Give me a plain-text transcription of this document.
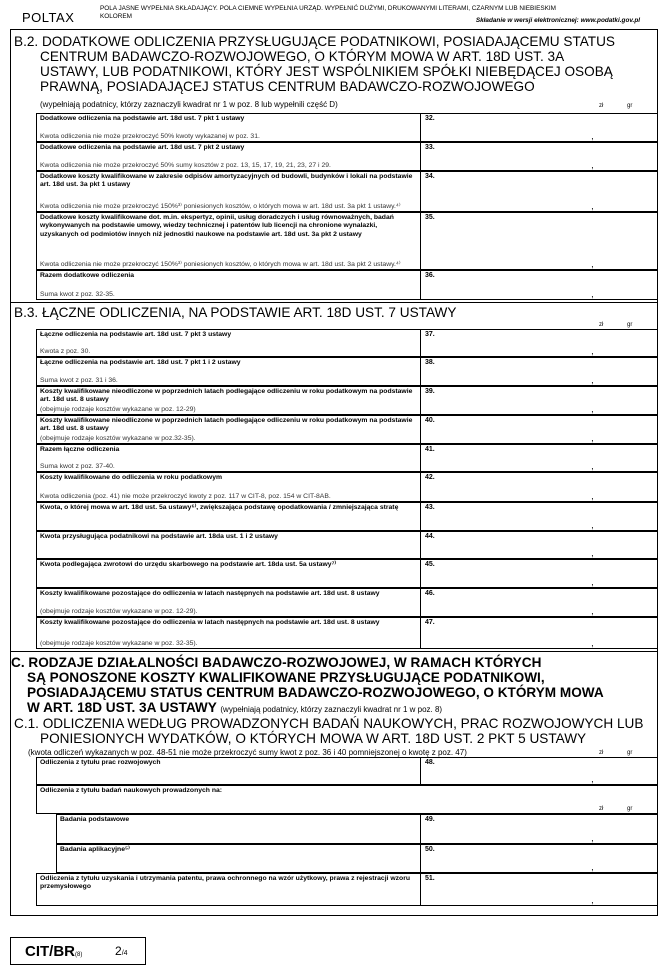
POLTAX
POLA JASNE WYPEŁNIA SKŁADAJĄCY. POLA CIEMNE WYPEŁNIA URZĄD. WYPEŁNIĆ DUŻYMI, DRUKOWANYMI LITERAMI, CZARNYM LUB NIEBIESKIM
KOLOREM
Składanie w wersji elektronicznej: www.podatki.gov.pl
B.2. DODATKOWE ODLICZENIA PRZYSŁUGUJĄCE PODATNIKOWI, POSIADAJĄCEMU STATUS
CENTRUM BADAWCZO-ROZWOJOWEGO, O KTÓRYM MOWA W ART. 18D UST. 3A
USTAWY, LUB PODATNIKOWI, KTÓRY JEST WSPÓLNIKIEM SPÓŁKI NIEBĘDĄCEJ OSOBĄ
PRAWNĄ, POSIADAJĄCEJ STATUS CENTRUM BADAWCZO-ROZWOJOWEGO
(wypełniają podatnicy, którzy zaznaczyli kwadrat nr 1 w poz. 8 lub wypełnili część D)	zł	gr
Dodatkowe odliczenia na podstawie art. 18d ust. 7 pkt 1 ustawy
Kwota odliczenia nie może przekroczyć 50% kwoty wykazanej w poz. 31.
32.
,
Dodatkowe odliczenia na podstawie art. 18d ust. 7 pkt 2 ustawy
Kwota odliczenia nie może przekroczyć 50% sumy kosztów z poz. 13, 15, 17, 19, 21, 23, 27 i 29.
33.
,
Dodatkowe koszty kwalifikowane w zakresie odpisów amortyzacyjnych od budowli, budynków i lokali na podstawie art. 18d ust. 3a pkt 1 ustawy
Kwota odliczenia nie może przekroczyć 150%³⁾ poniesionych kosztów, o których mowa w art. 18d ust. 3a pkt 1 ustawy.⁴⁾
34.
,
Dodatkowe koszty kwalifikowane dot. m.in. ekspertyz, opinii, usług doradczych i usług równoważnych, badań wykonywanych na podstawie umowy, wiedzy technicznej i patentów lub licencji na chronione wynalazki, uzyskanych od podmiotów innych niż jednostki naukowe na podstawie art. 18d ust. 3a pkt 2 ustawy
Kwota odliczenia nie może przekroczyć 150%³⁾ poniesionych kosztów, o których mowa w art. 18d ust. 3a pkt 2 ustawy.⁴⁾
35.
,
Razem dodatkowe odliczenia
Suma kwot z poz. 32-35.
36.
,
B.3. ŁĄCZNE ODLICZENIA, NA PODSTAWIE ART. 18D UST. 7 USTAWY
zł	gr
Łączne odliczenia na podstawie art. 18d ust. 7 pkt 3 ustawy
Kwota z poz. 30.
37.
,
Łączne odliczenia na podstawie art. 18d ust. 7 pkt 1 i 2 ustawy
Suma kwot z poz. 31 i 36.
38.
,
Koszty kwalifikowane nieodliczone w poprzednich latach podlegające odliczeniu w roku podatkowym na podstawie art. 18d ust. 8 ustawy
(obejmuje rodzaje kosztów wykazane w poz. 12-29)
39.
,
Koszty kwalifikowane nieodliczone w poprzednich latach podlegające odliczeniu w roku podatkowym na podstawie art. 18d ust. 8 ustawy
(obejmuje rodzaje kosztów wykazane w poz.32-35).
40.
,
Razem łączne odliczenia
Suma kwot z poz. 37-40.
41.
,
Koszty kwalifikowane do odliczenia w roku podatkowym
Kwota odliczenia (poz. 41) nie może przekroczyć kwoty z poz. 117 w CIT-8, poz. 154 w CIT-8AB.
42.
,
Kwota, o której mowa w art. 18d ust. 5a ustawy⁶⁾, zwiększająca podstawę opodatkowania / zmniejszająca stratę	43.
,
Kwota przysługująca podatnikowi na podstawie art. 18da ust. 1 i 2 ustawy	44.
,
Kwota podlegająca zwrotowi do urzędu skarbowego na podstawie art. 18da ust. 5a ustawy⁷⁾	45.
,
Koszty kwalifikowane pozostające do odliczenia w latach następnych na podstawie art. 18d ust. 8 ustawy
(obejmuje rodzaje kosztów wykazane w poz. 12-29).
46.
,
Koszty kwalifikowane pozostające do odliczenia w latach następnych na podstawie art. 18d ust. 8 ustawy
(obejmuje rodzaje kosztów wykazane w poz. 32-35).
47.
,
C. RODZAJE DZIAŁALNOŚCI BADAWCZO-ROZWOJOWEJ, W RAMACH KTÓRYCH
SĄ PONOSZONE KOSZTY KWALIFIKOWANE PRZYSŁUGUJĄCE PODATNIKOWI,
POSIADAJĄCEMU STATUS CENTRUM BADAWCZO-ROZWOJOWEGO, O KTÓRYM MOWA
W ART. 18D UST. 3A USTAWY (wypełniają podatnicy, którzy zaznaczyli kwadrat nr 1 w poz. 8)
C.1. ODLICZENIA WEDŁUG PROWADZONYCH BADAŃ NAUKOWYCH, PRAC ROZWOJOWYCH LUB
PONIESIONYCH WYDATKÓW, O KTÓRYCH MOWA W ART. 18D UST. 2 PKT 5 USTAWY
(kwota odliczeń wykazanych w poz. 48-51 nie może przekroczyć sumy kwot z poz. 36 i 40 pomniejszonej o kwotę z poz. 47)	zł	gr
Odliczenia z tytułu prac rozwojowych	48.
,
Odliczenia z tytułu badań naukowych prowadzonych na:
Badania podstawowe	49.
,
Badania aplikacyjne⁵⁾	50.
,
Odliczenia z tytułu uzyskania i utrzymania patentu, prawa ochronnego na wzór użytkowy, prawa z rejestracji wzoru przemysłowego
51.
,
zł	gr
CIT/BR(8)	2/4
